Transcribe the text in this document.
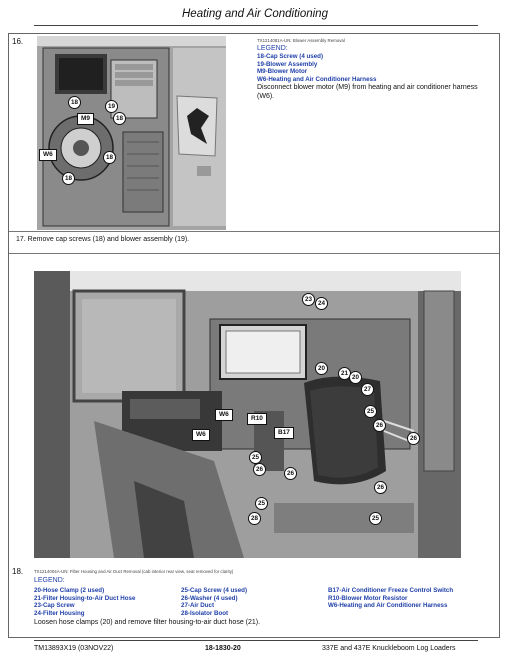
Heating and Air Conditioning
16.
18
19
18
M9
W6	18
18
TX1214081A-UN: Blower Assembly Removal
LEGEND:
18-Cap Screw (4 used)
19-Blower Assembly
M9-Blower Motor
W6-Heating and Air Conditioner Harness
Disconnect blower motor (M9) from heating and air conditioner harness (W6).
17. Remove cap screws (18) and blower assembly (19).
23
24
20
21
20
27
25
26
26
25
26
26
25
26
28	25
W6
R10
W6	B17
18. TX1214004A-UN: Filter Housing and Air Duct Removal (cab interior rear view, seat removed for clarity)
LEGEND:
20-Hose Clamp (2 used)
21-Filter Housing-to-Air Duct Hose
23-Cap Screw
24-Filter Housing
25-Cap Screw (4 used)
26-Washer (4 used)
27-Air Duct
28-Isolator Boot
B17-Air Conditioner Freeze Control Switch
R10-Blower Motor Resistor
W6-Heating and Air Conditioner Harness
Loosen hose clamps (20) and remove filter housing-to-air duct hose (21).
TM13893X19 (03NOV22)	18-1830-20	337E and 437E Knuckleboom Log Loaders
